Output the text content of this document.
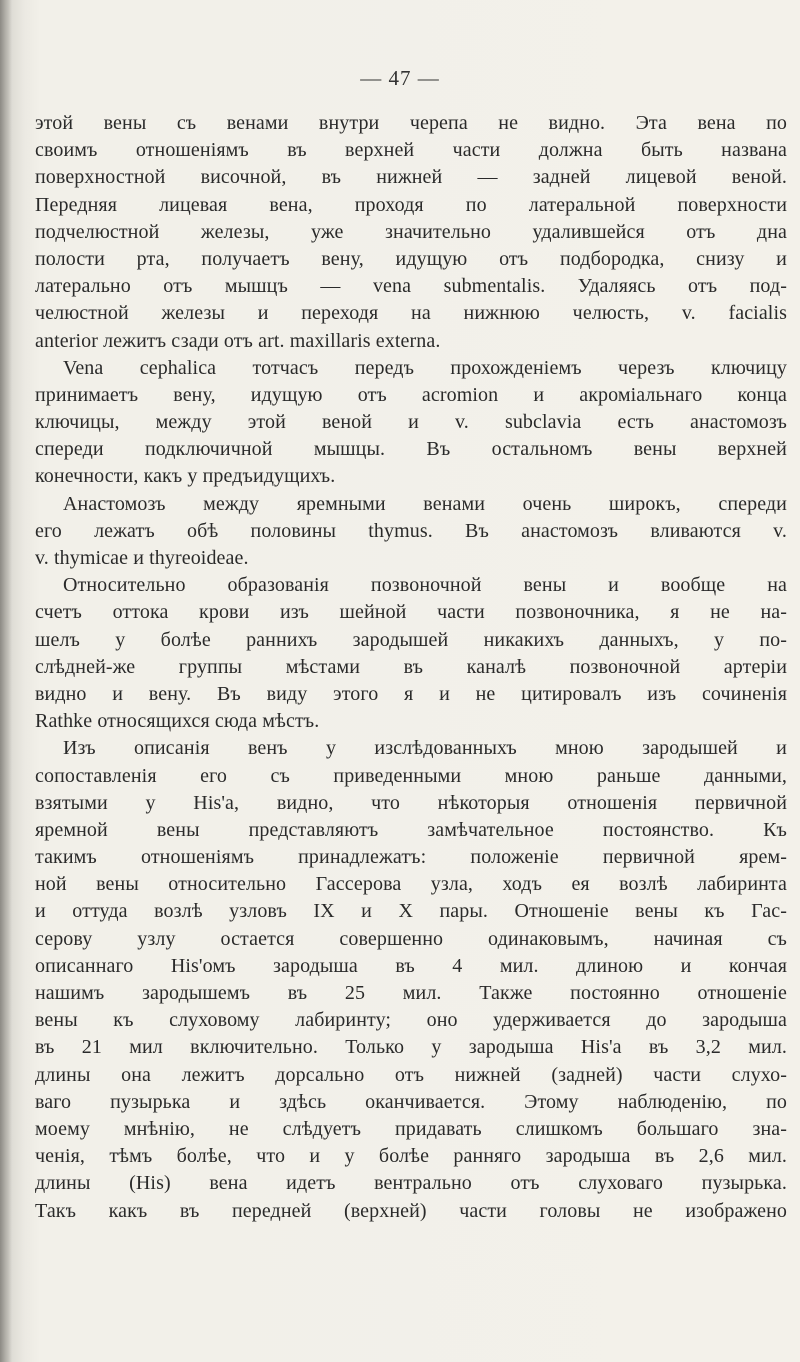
— 47 —
этой вены съ венами внутри черепа не видно. Эта вена по
своимъ отношеніямъ въ верхней части должна быть названа
поверхностной височной, въ нижней — задней лицевой веной.
Передняя лицевая вена, проходя по латеральной поверхности
подчелюстной железы, уже значительно удалившейся отъ дна
полости рта, получаетъ вену, идущую отъ подбородка, снизу и
латерально отъ мышцъ — vena submentalis. Удаляясь отъ под-
челюстной железы и переходя на нижнюю челюсть, v. facialis
anterior лежитъ сзади отъ art. maxillaris externa.
Vena cephalica тотчасъ передъ прохожденіемъ черезъ ключицу
принимаетъ вену, идущую отъ acromion и акроміальнаго конца
ключицы, между этой веной и v. subclavia есть анастомозъ
спереди подключичной мышцы. Въ остальномъ вены верхней
конечности, какъ у предъидущихъ.
Анастомозъ между яремными венами очень широкъ, спереди
его лежатъ обѣ половины thymus. Въ анастомозъ вливаются v.
v. thymicae и thyreoideae.
Относительно образованія позвоночной вены и вообще на
счетъ оттока крови изъ шейной части позвоночника, я не на-
шелъ у болѣе раннихъ зародышей никакихъ данныхъ, у по-
слѣдней-же группы мѣстами въ каналѣ позвоночной артеріи
видно и вену. Въ виду этого я и не цитировалъ изъ сочиненія
Rathke относящихся сюда мѣстъ.
Изъ описанія венъ у изслѣдованныхъ мною зародышей и
сопоставленія его съ приведенными мною раньше данными,
взятыми у His'а, видно, что нѣкоторыя отношенія первичной
яремной вены представляютъ замѣчательное постоянство. Къ
такимъ отношеніямъ принадлежатъ: положеніе первичной ярем-
ной вены относительно Гассерова узла, ходъ ея возлѣ лабиринта
и оттуда возлѣ узловъ IX и X пары. Отношеніе вены къ Гас-
серову узлу остается совершенно одинаковымъ, начиная съ
описаннаго His'омъ зародыша въ 4 мил. длиною и кончая
нашимъ зародышемъ въ 25 мил. Также постоянно отношеніе
вены къ слуховому лабиринту; оно удерживается до зародыша
въ 21 мил включительно. Только у зародыша His'а въ 3,2 мил.
длины она лежитъ дорсально отъ нижней (задней) части слухо-
ваго пузырька и здѣсь оканчивается. Этому наблюденію, по
моему мнѣнію, не слѣдуетъ придавать слишкомъ большаго зна-
ченія, тѣмъ болѣе, что и у болѣе ранняго зародыша въ 2,6 мил.
длины (His) вена идетъ вентрально отъ слуховаго пузырька.
Такъ какъ въ передней (верхней) части головы не изображено
